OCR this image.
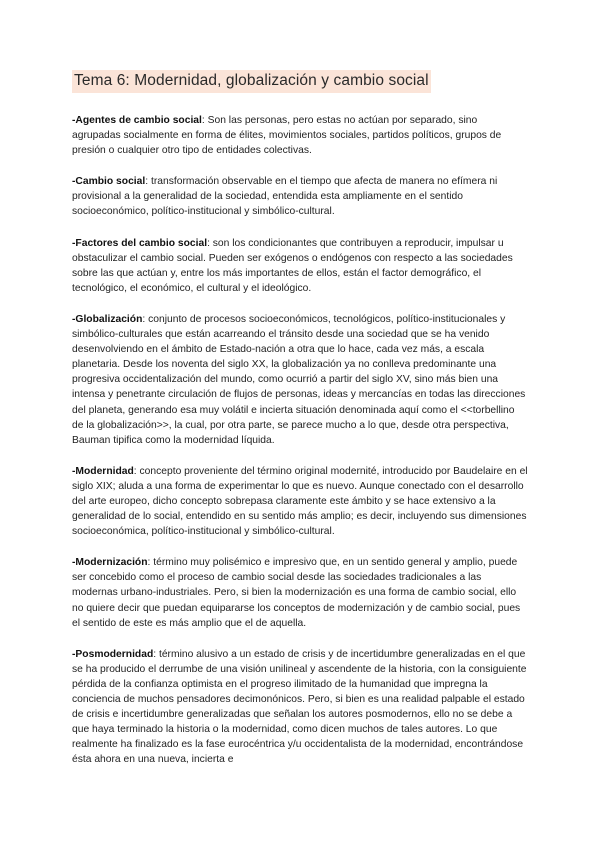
Tema 6: Modernidad, globalización y cambio social

-Agentes de cambio social: Son las personas, pero estas no actúan por separado, sino agrupadas socialmente en forma de élites, movimientos sociales, partidos políticos, grupos de presión o cualquier otro tipo de entidades colectivas.

-Cambio social: transformación observable en el tiempo que afecta de manera no efímera ni provisional a la generalidad de la sociedad, entendida esta ampliamente en el sentido socioeconómico, político-institucional y simbólico-cultural.

-Factores del cambio social: son los condicionantes que contribuyen a reproducir, impulsar u obstaculizar el cambio social. Pueden ser exógenos o endógenos con respecto a las sociedades sobre las que actúan y, entre los más importantes de ellos, están el factor demográfico, el tecnológico, el económico, el cultural y el ideológico.

-Globalización: conjunto de procesos socioeconómicos, tecnológicos, político-institucionales y simbólico-culturales que están acarreando el tránsito desde una sociedad que se ha venido desenvolviendo en el ámbito de Estado-nación a otra que lo hace, cada vez más, a escala planetaria. Desde los noventa del siglo XX, la globalización ya no conlleva predominante una progresiva occidentalización del mundo, como ocurrió a partir del siglo XV, sino más bien una intensa y penetrante circulación de flujos de personas, ideas y mercancías en todas las direcciones del planeta, generando esa muy volátil e incierta situación denominada aquí como el <<torbellino de la globalización>>, la cual, por otra parte, se parece mucho a lo que, desde otra perspectiva, Bauman tipifica como la modernidad líquida.

-Modernidad: concepto proveniente del término original modernité, introducido por Baudelaire en el siglo XIX; aluda a una forma de experimentar lo que es nuevo. Aunque conectado con el desarrollo del arte europeo, dicho concepto sobrepasa claramente este ámbito y se hace extensivo a la generalidad de lo social, entendido en su sentido más amplio; es decir, incluyendo sus dimensiones socioeconómica, político-institucional y simbólico-cultural.

-Modernización: término muy polisémico e impresivo que, en un sentido general y amplio, puede ser concebido como el proceso de cambio social desde las sociedades tradicionales a las modernas urbano-industriales. Pero, si bien la modernización es una forma de cambio social, ello no quiere decir que puedan equipararse los conceptos de modernización y de cambio social, pues el sentido de este es más amplio que el de aquella.

-Posmodernidad: término alusivo a un estado de crisis y de incertidumbre generalizadas en el que se ha producido el derrumbe de una visión unilineal y ascendente de la historia, con la consiguiente pérdida de la confianza optimista en el progreso ilimitado de la humanidad que impregna la conciencia de muchos pensadores decimonónicos. Pero, si bien es una realidad palpable el estado de crisis e incertidumbre generalizadas que señalan los autores posmodernos, ello no se debe a que haya terminado la historia o la modernidad, como dicen muchos de tales autores. Lo que realmente ha finalizado es la fase eurocéntrica y/u occidentalista de la modernidad, encontrándose ésta ahora en una nueva, incierta e
